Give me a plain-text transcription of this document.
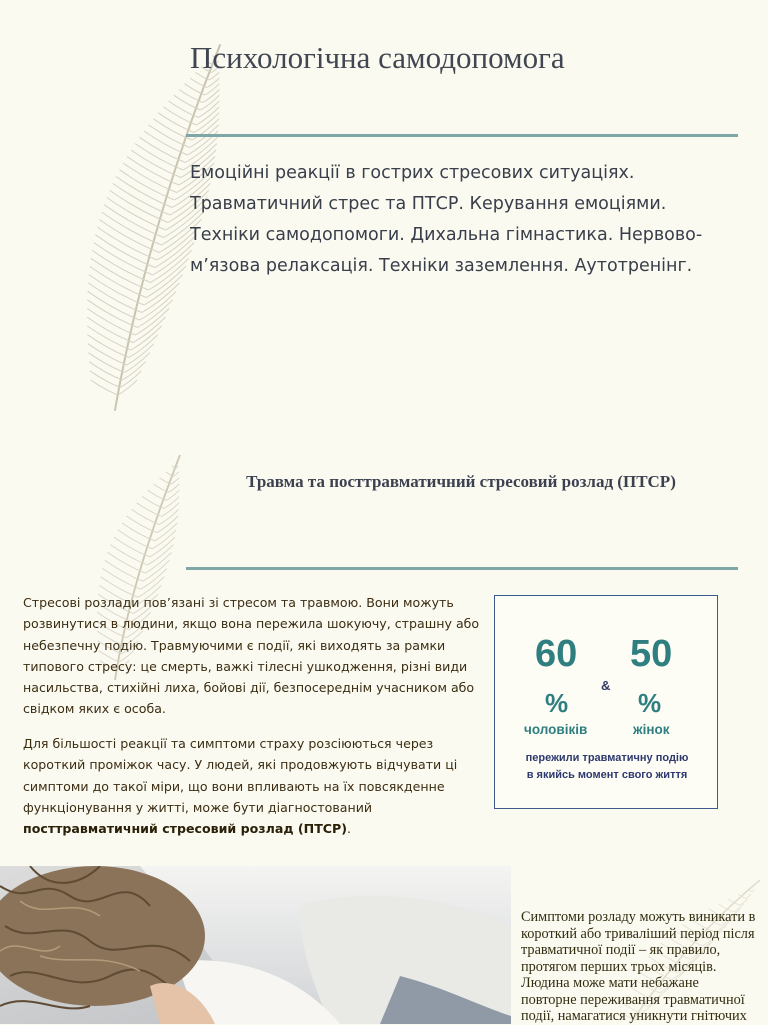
Психологічна самодопомога

Емоційні реакції в гострих стресових ситуаціях. Травматичний стрес та ПТСР. Керування емоціями. Техніки самодопомоги. Дихальна гімнастика. Нервово-м’язова релаксація. Техніки заземлення. Аутотренінг.

Травма та посттравматичний стресовий розлад (ПТСР)

Стресові розлади пов’язані зі стресом та травмою. Вони можуть розвинутися в людини, якщо вона пережила шокуючу, страшну або небезпечну подію. Травмуючими є події, які виходять за рамки типового стресу: це смерть, важкі тілесні ушкодження, різні види насильства, стихійні лиха, бойові дії, безпосереднім учасником або свідком яких є особа.

Для більшості реакції та симптоми страху розсіюються через короткий проміжок часу. У людей, які продовжують відчувати ці симптоми до такої міри, що вони впливають на їх повсякденне функціонування у житті, може бути діагностований посттравматичний стресовий розлад (ПТСР).

60 50
&
%	%
чоловіків	жінок

пережили травматичну подію
в якийсь момент свого життя

Симптоми розладу можуть виникати в короткий або триваліший період після травматичної події – як правило, протягом перших трьох місяців. Людина може мати небажане повторне переживання травматичної події, намагатися уникнути гнітючих
